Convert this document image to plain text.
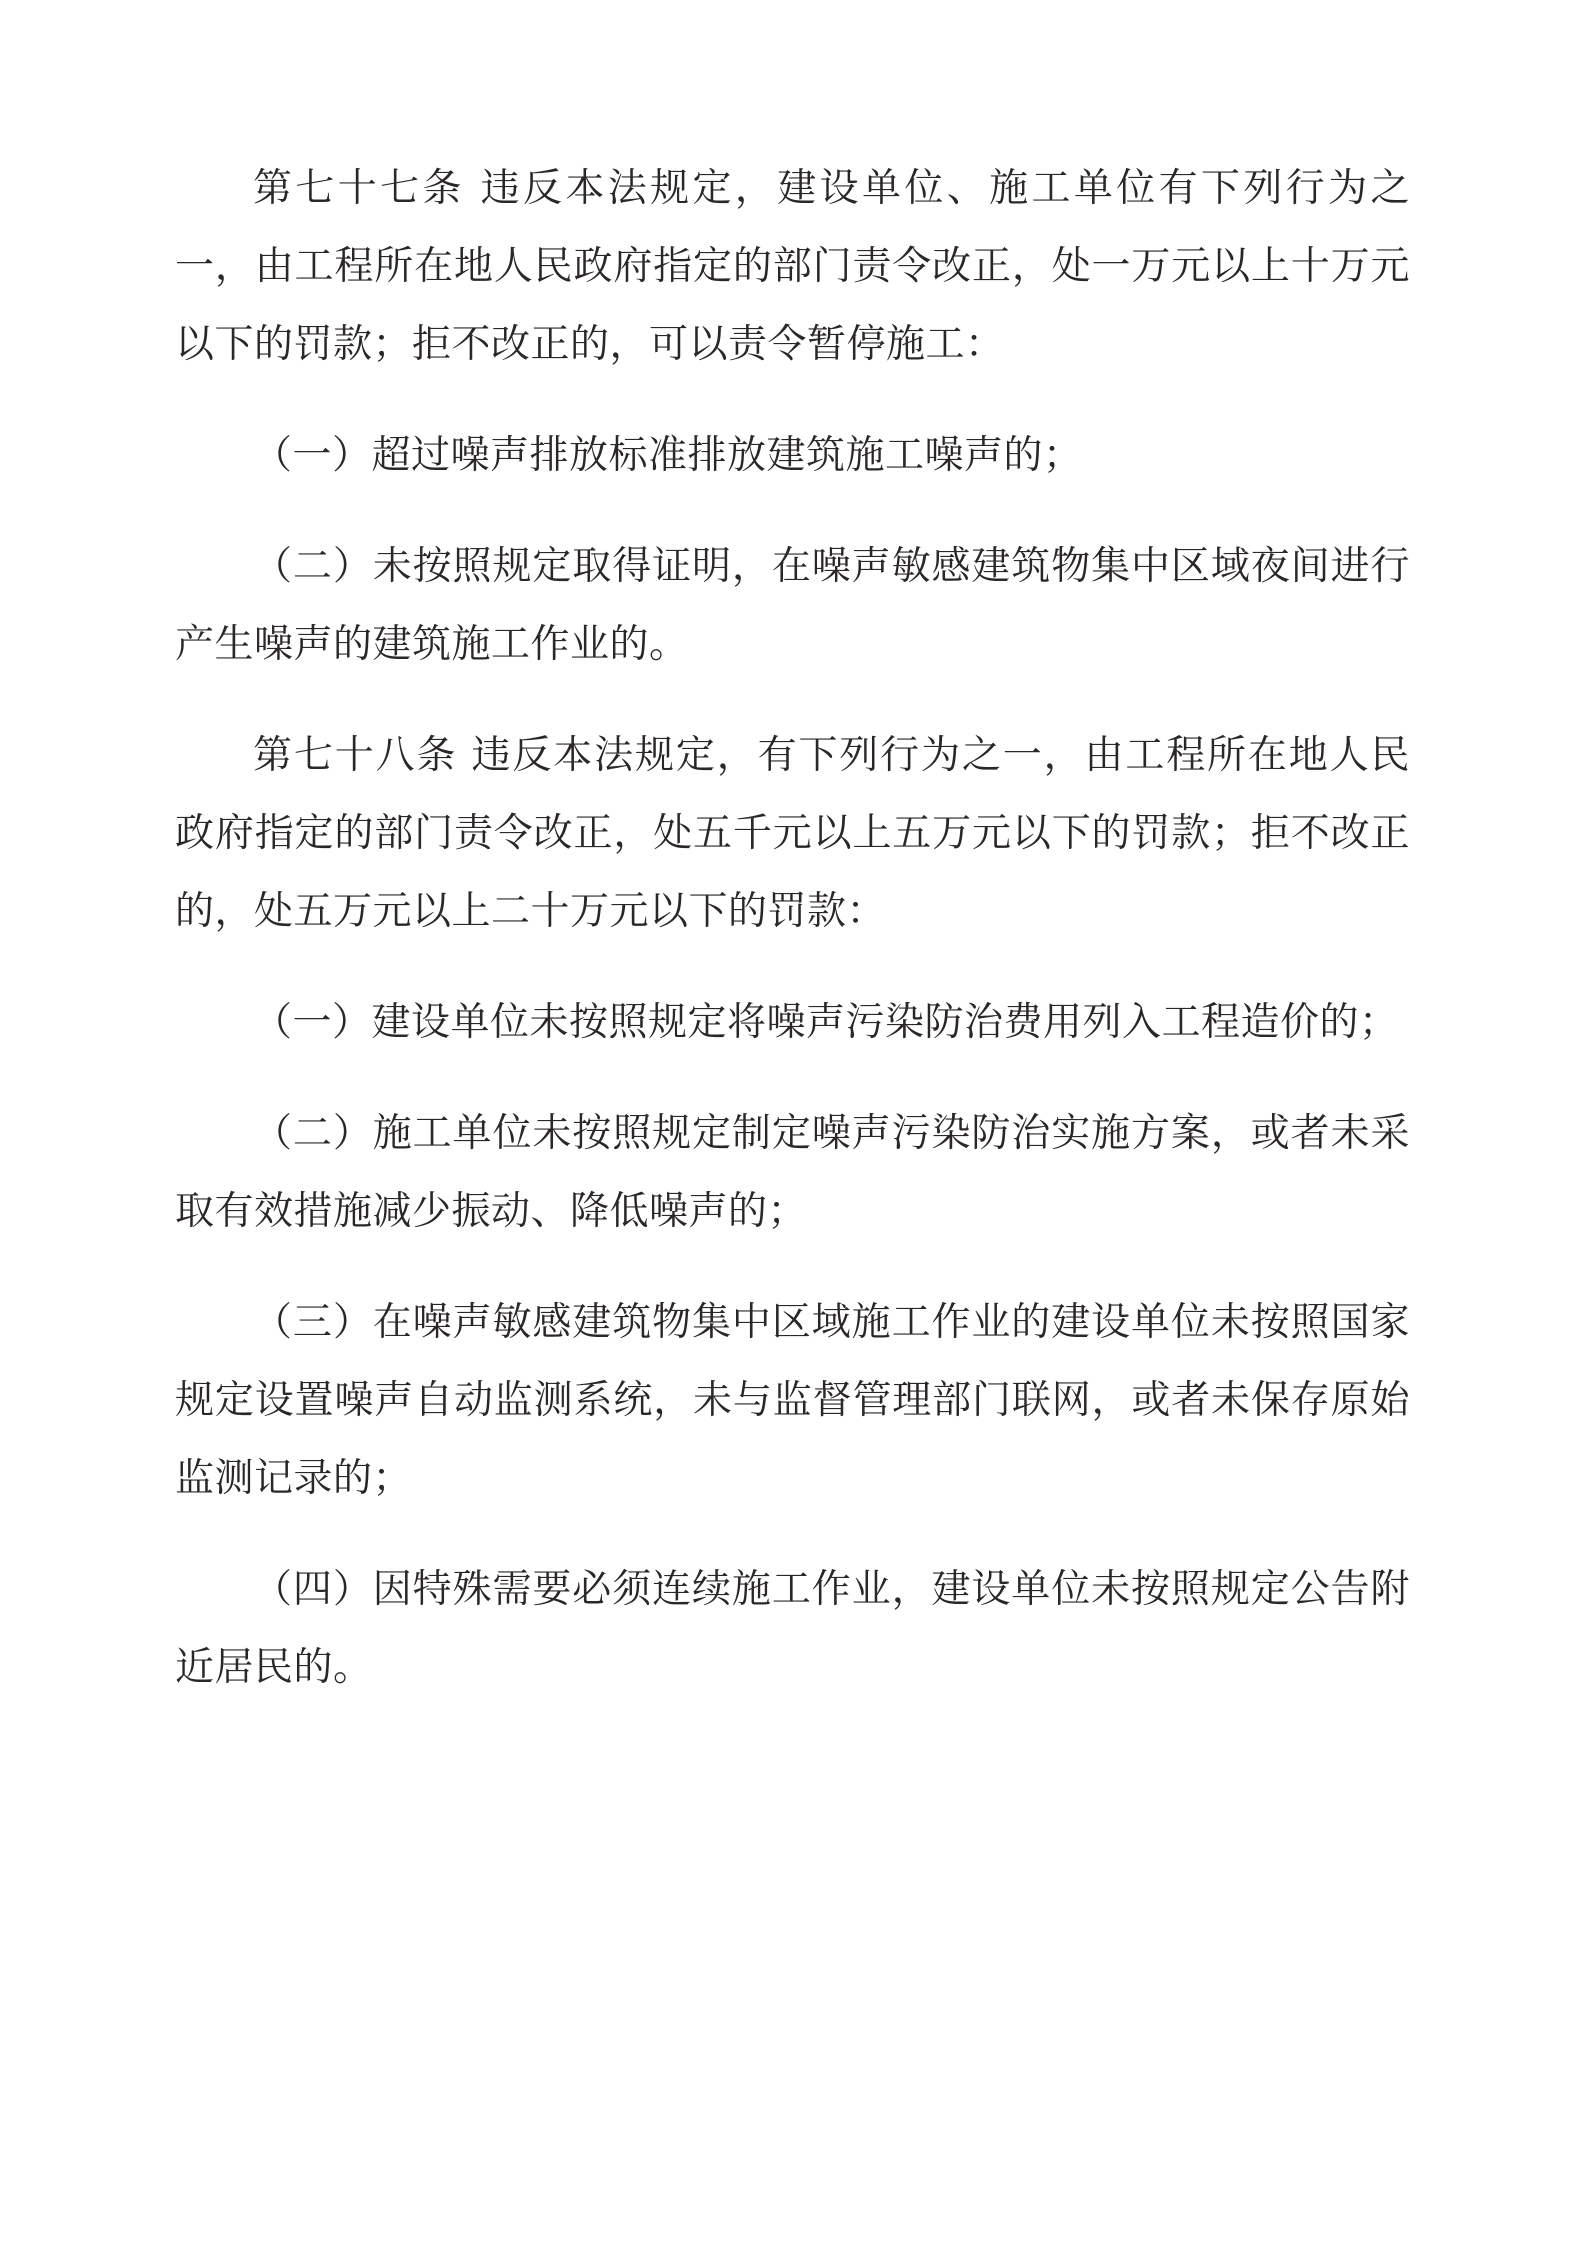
第七十七条 违反本法规定，建设单位、施工单位有下列行为之一，由工程所在地人民政府指定的部门责令改正，处一万元以上十万元以下的罚款；拒不改正的，可以责令暂停施工：

（一）超过噪声排放标准排放建筑施工噪声的；

（二）未按照规定取得证明，在噪声敏感建筑物集中区域夜间进行产生噪声的建筑施工作业的。

第七十八条 违反本法规定，有下列行为之一，由工程所在地人民政府指定的部门责令改正，处五千元以上五万元以下的罚款；拒不改正的，处五万元以上二十万元以下的罚款：

（一）建设单位未按照规定将噪声污染防治费用列入工程造价的；

（二）施工单位未按照规定制定噪声污染防治实施方案，或者未采取有效措施减少振动、降低噪声的；

（三）在噪声敏感建筑物集中区域施工作业的建设单位未按照国家规定设置噪声自动监测系统，未与监督管理部门联网，或者未保存原始监测记录的；

（四）因特殊需要必须连续施工作业，建设单位未按照规定公告附近居民的。
